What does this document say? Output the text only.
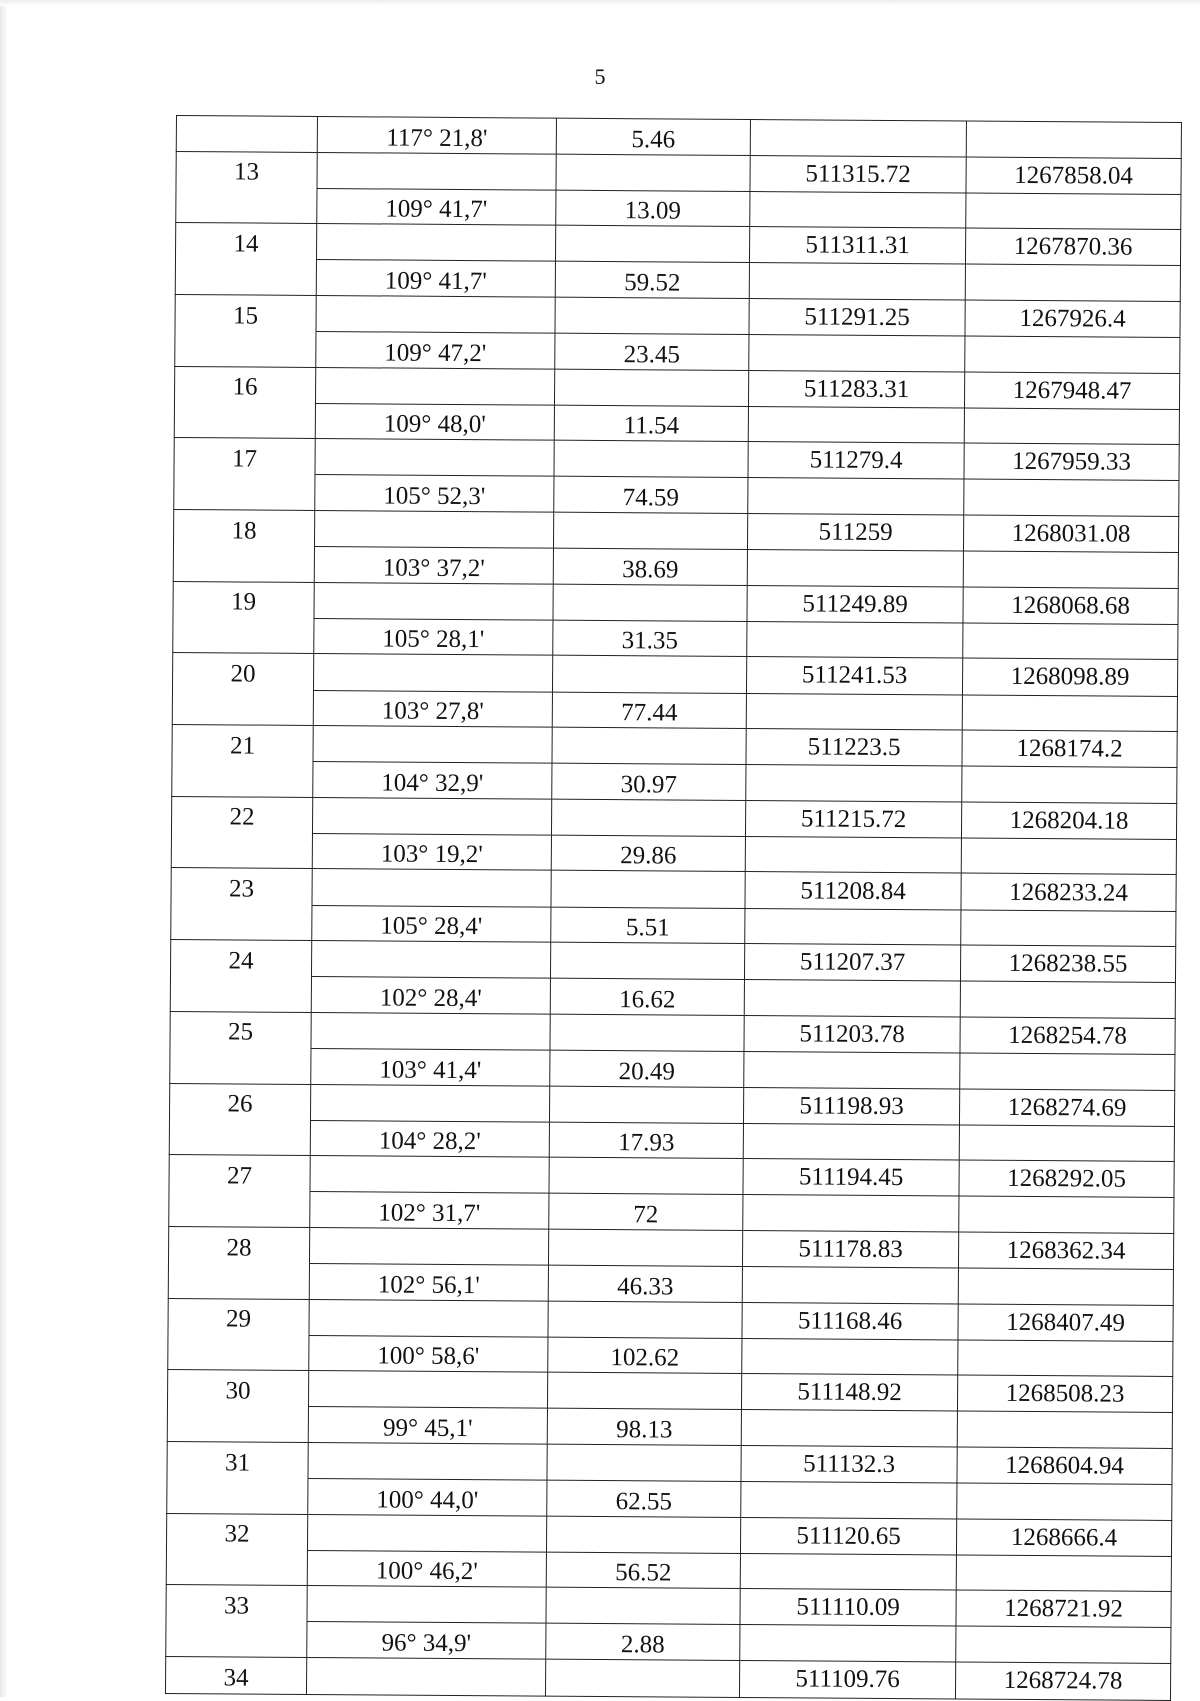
5
	117° 21,8'	5.46		
13			511315.72	1267858.04
	109° 41,7'	13.09		
14			511311.31	1267870.36
	109° 41,7'	59.52		
15			511291.25	1267926.4
	109° 47,2'	23.45		
16			511283.31	1267948.47
	109° 48,0'	11.54		
17			511279.4	1267959.33
	105° 52,3'	74.59		
18			511259	1268031.08
	103° 37,2'	38.69		
19			511249.89	1268068.68
	105° 28,1'	31.35		
20			511241.53	1268098.89
	103° 27,8'	77.44		
21			511223.5	1268174.2
	104° 32,9'	30.97		
22			511215.72	1268204.18
	103° 19,2'	29.86		
23			511208.84	1268233.24
	105° 28,4'	5.51		
24			511207.37	1268238.55
	102° 28,4'	16.62		
25			511203.78	1268254.78
	103° 41,4'	20.49		
26			511198.93	1268274.69
	104° 28,2'	17.93		
27			511194.45	1268292.05
	102° 31,7'	72		
28			511178.83	1268362.34
	102° 56,1'	46.33		
29			511168.46	1268407.49
	100° 58,6'	102.62		
30			511148.92	1268508.23
	99° 45,1'	98.13		
31			511132.3	1268604.94
	100° 44,0'	62.55		
32			511120.65	1268666.4
	100° 46,2'	56.52		
33			511110.09	1268721.92
	96° 34,9'	2.88		
34			511109.76	1268724.78
